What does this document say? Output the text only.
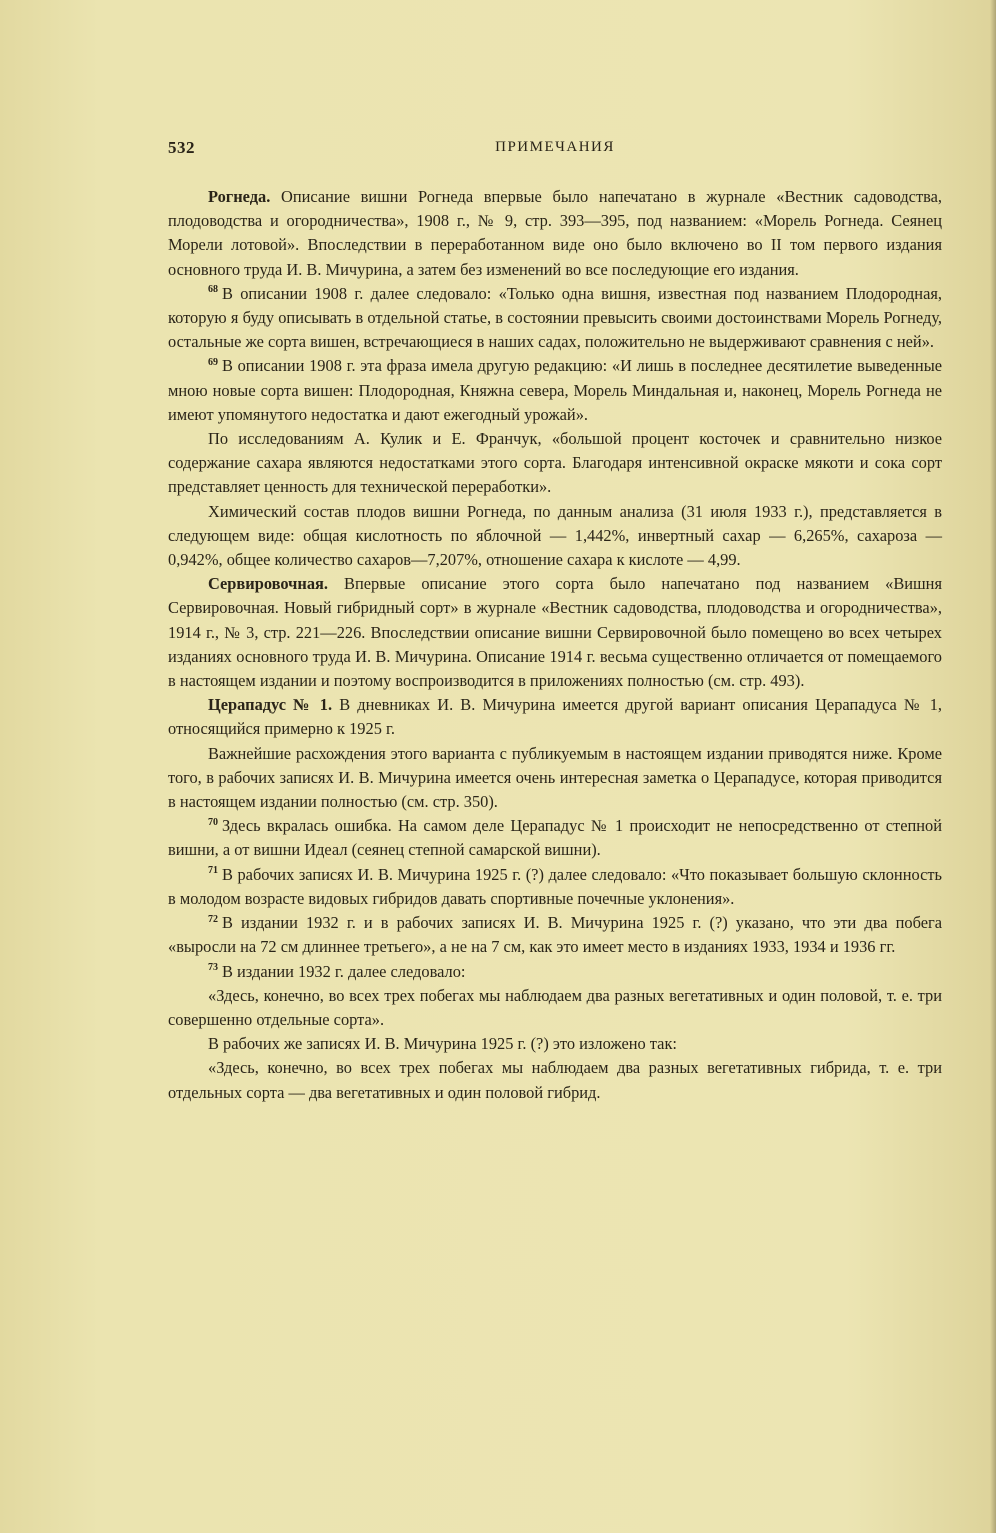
532	ПРИМЕЧАНИЯ

Рогнеда. Описание вишни Рогнеда впервые было напечатано в журнале «Вестник садоводства, плодоводства и огородничества», 1908 г., № 9, стр. 393—395, под названием: «Морель Рогнеда. Сеянец Морели лотовой». Впоследствии в переработанном виде оно было включено во II том первого издания основного труда И. В. Мичурина, а затем без изменений во все последующие его издания.

$^{68}$ В описании 1908 г. далее следовало: «Только одна вишня, известная под названием Плодородная, которую я буду описывать в отдельной статье, в состоянии превысить своими достоинствами Морель Рогнеду, остальные же сорта вишен, встречающиеся в наших садах, положительно не выдерживают сравнения с ней».

$^{69}$ В описании 1908 г. эта фраза имела другую редакцию: «И лишь в последнее десятилетие выведенные мною новые сорта вишен: Плодородная, Княжна севера, Морель Миндальная и, наконец, Морель Рогнеда не имеют упомянутого недостатка и дают ежегодный урожай».

По исследованиям А. Кулик и Е. Франчук, «большой процент косточек и сравнительно низкое содержание сахара являются недостатками этого сорта. Благодаря интенсивной окраске мякоти и сока сорт представляет ценность для технической переработки».

Химический состав плодов вишни Рогнеда, по данным анализа (31 июля 1933 г.), представляется в следующем виде: общая кислотность по яблочной — 1,442%, инвертный сахар — 6,265%, сахароза — 0,942%, общее количество сахаров—7,207%, отношение сахара к кислоте — 4,99.

Сервировочная. Впервые описание этого сорта было напечатано под названием «Вишня Сервировочная. Новый гибридный сорт» в журнале «Вестник садоводства, плодоводства и огородничества», 1914 г., № 3, стр. 221—226. Впоследствии описание вишни Сервировочной было помещено во всех четырех изданиях основного труда И. В. Мичурина. Описание 1914 г. весьма существенно отличается от помещаемого в настоящем издании и поэтому воспроизводится в приложениях полностью (см. стр. 493).

Церападус № 1. В дневниках И. В. Мичурина имеется другой вариант описания Церападуса № 1, относящийся примерно к 1925 г.

Важнейшие расхождения этого варианта с публикуемым в настоящем издании приводятся ниже. Кроме того, в рабочих записях И. В. Мичурина имеется очень интересная заметка о Церападусе, которая приводится в настоящем издании полностью (см. стр. 350).

$^{70}$ Здесь вкралась ошибка. На самом деле Церападус № 1 происходит не непосредственно от степной вишни, а от вишни Идеал (сеянец степной самарской вишни).

$^{71}$ В рабочих записях И. В. Мичурина 1925 г. (?) далее следовало: «Что показывает большую склонность в молодом возрасте видовых гибридов давать спортивные почечные уклонения».

$^{72}$ В издании 1932 г. и в рабочих записях И. В. Мичурина 1925 г. (?) указано, что эти два побега «выросли на 72 см длиннее третьего», а не на 7 см, как это имеет место в изданиях 1933, 1934 и 1936 гг.

$^{73}$ В издании 1932 г. далее следовало:

«Здесь, конечно, во всех трех побегах мы наблюдаем два разных вегетативных и один половой, т. е. три совершенно отдельные сорта».

В рабочих же записях И. В. Мичурина 1925 г. (?) это изложено так:

«Здесь, конечно, во всех трех побегах мы наблюдаем два разных вегетативных гибрида, т. е. три отдельных сорта — два вегетативных и один половой гибрид.
